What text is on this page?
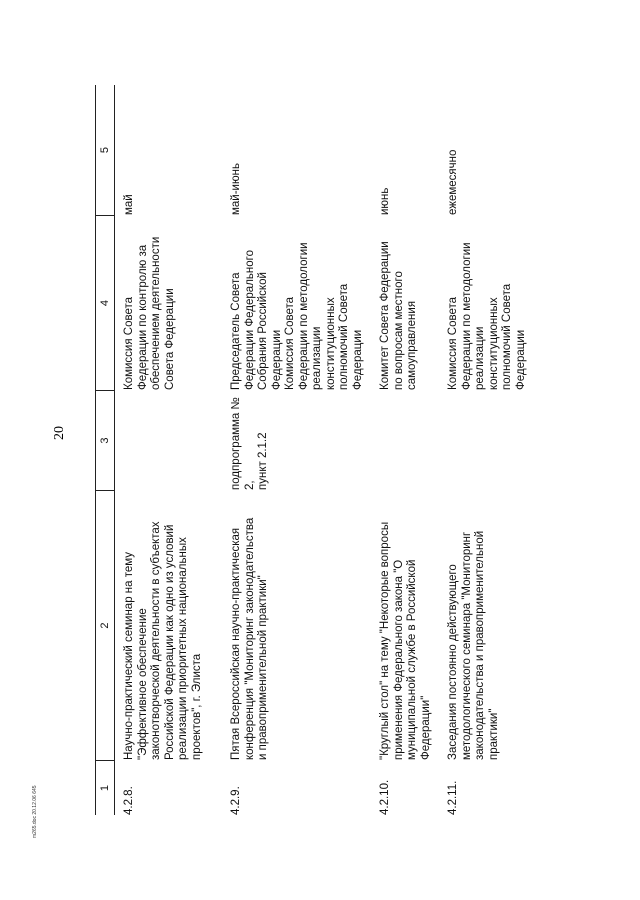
20
1
2
3
4
5
4.2.8.
Научно-практический семинар на тему
"Эффективное обеспечение
законотворческой деятельности в субъектах
Российской Федерации как одно из условий
реализации приоритетных национальных
проектов", г. Элиста
Комиссия Совета
Федерации по контролю за
обеспечением деятельности
Совета Федерации
май
4.2.9.
Пятая Всероссийская научно-практическая
конференция "Мониторинг законодательства
и правоприменительной практики"
подпрограмма № 2,
пункт 2.1.2
Председатель Совета
Федерации Федерального
Собрания Российской
Федерации
Комиссия Совета
Федерации по методологии
реализации
конституционных
полномочий Совета
Федерации
май-июнь
4.2.10.
"Круглый стол" на тему "Некоторые вопросы
применения Федерального закона "О
муниципальной службе в Российской
Федерации"
Комитет Совета Федерации
по вопросам местного
самоуправления
июнь
4.2.11.
Заседания постоянно действующего
методологического семинара "Мониторинг
законодательства и правоприменительной
практики"
Комиссия Совета
Федерации по методологии
реализации
конституционных
полномочий Совета
Федерации
ежемесячно
m265.doc 20.12.06 645
